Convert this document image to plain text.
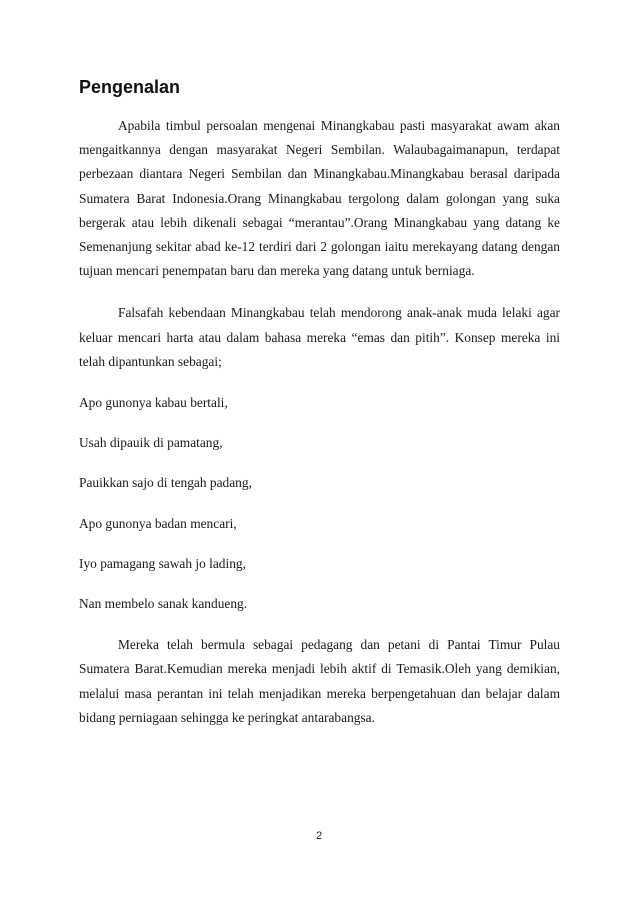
Pengenalan

Apabila timbul persoalan mengenai Minangkabau pasti masyarakat awam akan mengaitkannya dengan masyarakat Negeri Sembilan. Walaubagaimanapun, terdapat perbezaan diantara Negeri Sembilan dan Minangkabau.Minangkabau berasal daripada Sumatera Barat Indonesia.Orang Minangkabau tergolong dalam golongan yang suka bergerak atau lebih dikenali sebagai “merantau”.Orang Minangkabau yang datang ke Semenanjung sekitar abad ke-12 terdiri dari 2 golongan iaitu merekayang datang dengan tujuan mencari penempatan baru dan mereka yang datang untuk berniaga.

Falsafah kebendaan Minangkabau telah mendorong anak-anak muda lelaki agar keluar mencari harta atau dalam bahasa mereka “emas dan pitih”. Konsep mereka ini telah dipantunkan sebagai;

Apo gunonya kabau bertali,

Usah dipauik di pamatang,

Pauikkan sajo di tengah padang,

Apo gunonya badan mencari,

Iyo pamagang sawah jo lading,

Nan membelo sanak kandueng.

Mereka telah bermula sebagai pedagang dan petani di Pantai Timur Pulau Sumatera Barat.Kemudian mereka menjadi lebih aktif di Temasik.Oleh yang demikian, melalui masa perantan ini telah menjadikan mereka berpengetahuan dan belajar dalam bidang perniagaan sehingga ke peringkat antarabangsa.

2
